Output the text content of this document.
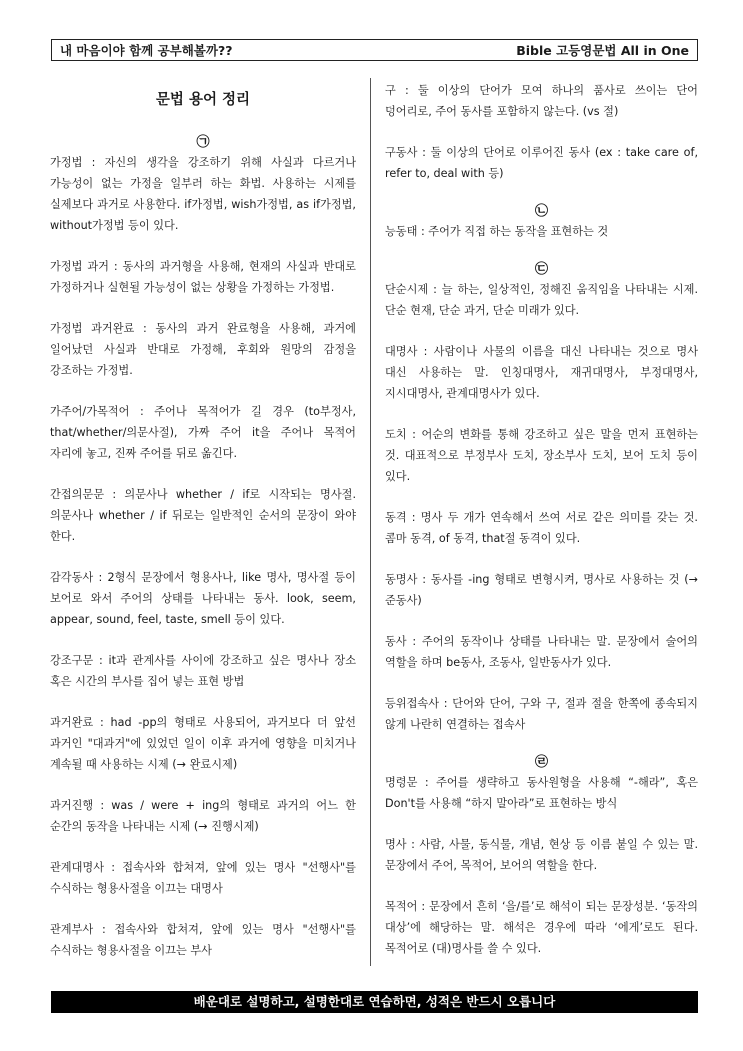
내 마음이야 함께 공부해볼까??	Bible 고등영문법 All in One
문법 용어 정리
㉠

가정법 : 자신의 생각을 강조하기 위해 사실과 다르거나 가능성이 없는 가정을 일부러 하는 화법. 사용하는 시제를 실제보다 과거로 사용한다. if가정법, wish가정법, as if가정법, without가정법 등이 있다.

가정법 과거 : 동사의 과거형을 사용해, 현재의 사실과 반대로 가정하거나 실현될 가능성이 없는 상황을 가정하는 가정법.

가정법 과거완료 : 동사의 과거 완료형을 사용해, 과거에 일어났던 사실과 반대로 가정해, 후회와 원망의 감정을 강조하는 가정법.

가주어/가목적어 : 주어나 목적어가 길 경우 (to부정사, that/whether/의문사절), 가짜 주어 it을 주어나 목적어 자리에 놓고, 진짜 주어를 뒤로 옮긴다.

간접의문문 : 의문사나 whether / if로 시작되는 명사절. 의문사나 whether / if 뒤로는 일반적인 순서의 문장이 와야 한다.

감각동사 : 2형식 문장에서 형용사나, like 명사, 명사절 등이 보어로 와서 주어의 상태를 나타내는 동사. look, seem, appear, sound, feel, taste, smell 등이 있다.

강조구문 : it과 관계사를 사이에 강조하고 싶은 명사나 장소 혹은 시간의 부사를 집어 넣는 표현 방법

과거완료 : had -pp의 형태로 사용되어, 과거보다 더 앞선 과거인 "대과거"에 있었던 일이 이후 과거에 영향을 미치거나 계속될 때 사용하는 시제 (→ 완료시제)

과거진행 : was / were + ing의 형태로 과거의 어느 한 순간의 동작을 나타내는 시제 (→ 진행시제)

관계대명사 : 접속사와 합쳐져, 앞에 있는 명사 "선행사"를 수식하는 형용사절을 이끄는 대명사

관계부사 : 접속사와 합쳐져, 앞에 있는 명사 "선행사"를 수식하는 형용사절을 이끄는 부사

구 : 둘 이상의 단어가 모여 하나의 품사로 쓰이는 단어 덩어리로, 주어 동사를 포함하지 않는다. (vs 절)

구동사 : 둘 이상의 단어로 이루어진 동사 (ex : take care of, refer to, deal with 등)

㉡

능동태 : 주어가 직접 하는 동작을 표현하는 것

㉢

단순시제 : 늘 하는, 일상적인, 정해진 움직임을 나타내는 시제. 단순 현재, 단순 과거, 단순 미래가 있다.

대명사 : 사람이나 사물의 이름을 대신 나타내는 것으로 명사 대신 사용하는 말. 인칭대명사, 재귀대명사, 부정대명사, 지시대명사, 관계대명사가 있다.

도치 : 어순의 변화를 통해 강조하고 싶은 말을 먼저 표현하는 것. 대표적으로 부정부사 도치, 장소부사 도치, 보어 도치 등이 있다.

동격 : 명사 두 개가 연속해서 쓰여 서로 같은 의미를 갖는 것. 콤마 동격, of 동격, that절 동격이 있다.

동명사 : 동사를 -ing 형태로 변형시켜, 명사로 사용하는 것 (→준동사)

동사 : 주어의 동작이나 상태를 나타내는 말. 문장에서 술어의 역할을 하며 be동사, 조동사, 일반동사가 있다.

등위접속사 : 단어와 단어, 구와 구, 절과 절을 한쪽에 종속되지 않게 나란히 연결하는 접속사

㉣

명령문 : 주어를 생략하고 동사원형을 사용해 “-해라”, 혹은 Don't를 사용해 “하지 말아라”로 표현하는 방식

명사 : 사람, 사물, 동식물, 개념, 현상 등 이름 붙일 수 있는 말. 문장에서 주어, 목적어, 보어의 역할을 한다.

목적어 : 문장에서 흔히 ‘을/를’로 해석이 되는 문장성분. ‘동작의 대상’에 해당하는 말. 해석은 경우에 따라 ‘에게’로도 된다. 목적어로 (대)명사를 쓸 수 있다.

배운대로 설명하고, 설명한대로 연습하면, 성적은 반드시 오릅니다
